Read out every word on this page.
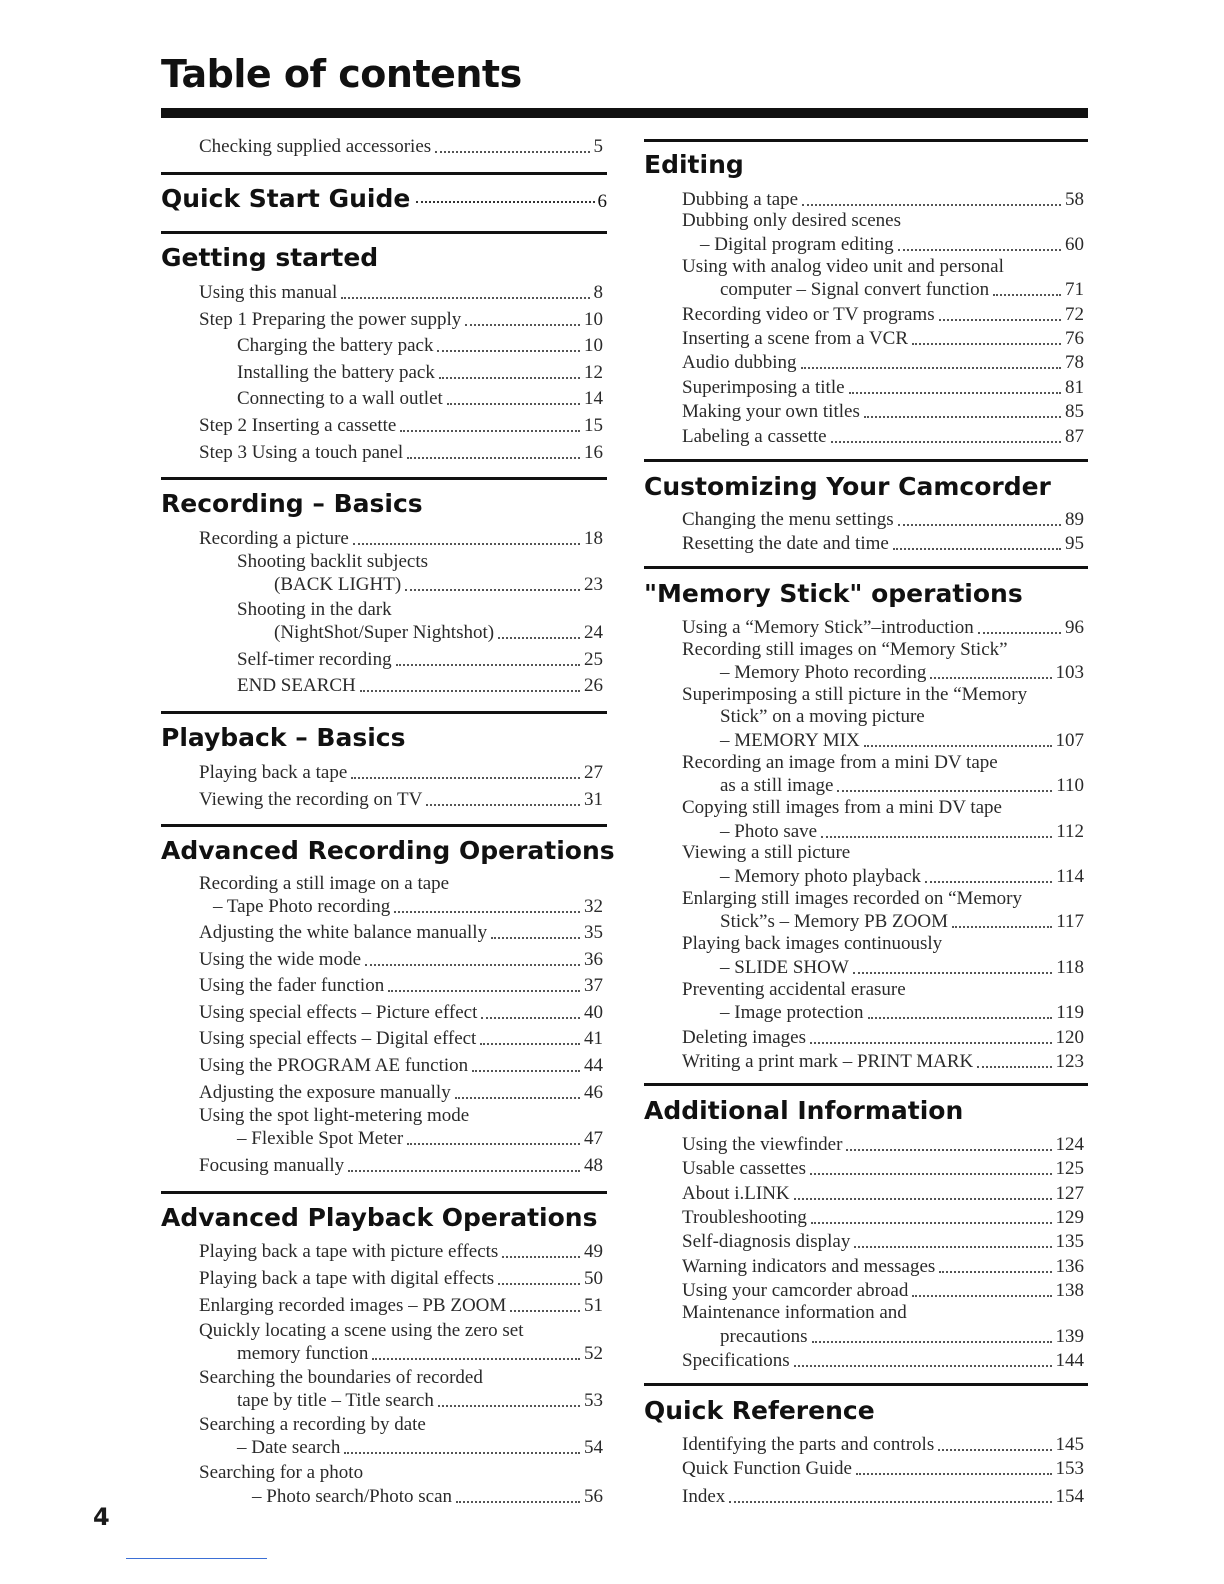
Table of contents
Checking supplied accessories	5
Quick Start Guide	6
Getting started
Using this manual	8
Step 1 Preparing the power supply	10
Charging the battery pack	10
Installing the battery pack	12
Connecting to a wall outlet	14
Step 2 Inserting a cassette	15
Step 3 Using a touch panel	16
Recording – Basics
Recording a picture	18
Shooting backlit subjects
(BACK LIGHT)	23
Shooting in the dark
(NightShot/Super Nightshot)	24
Self-timer recording	25
END SEARCH	26
Playback – Basics
Playing back a tape	27
Viewing the recording on TV	31
Advanced Recording Operations
Recording a still image on a tape
– Tape Photo recording	32
Adjusting the white balance manually	35
Using the wide mode	36
Using the fader function	37
Using special effects – Picture effect	40
Using special effects – Digital effect	41
Using the PROGRAM AE function	44
Adjusting the exposure manually	46
Using the spot light-metering mode
– Flexible Spot Meter	47
Focusing manually	48
Advanced Playback Operations
Playing back a tape with picture effects	49
Playing back a tape with digital effects	50
Enlarging recorded images – PB ZOOM	51
Quickly locating a scene using the zero set
memory function	52
Searching the boundaries of recorded
tape by title – Title search	53
Searching a recording by date
– Date search	54
Searching for a photo
– Photo search/Photo scan	56
Editing
Dubbing a tape	58
Dubbing only desired scenes
– Digital program editing	60
Using with analog video unit and personal
computer – Signal convert function	71
Recording video or TV programs	72
Inserting a scene from a VCR	76
Audio dubbing	78
Superimposing a title	81
Making your own titles	85
Labeling a cassette	87
Customizing Your Camcorder
Changing the menu settings	89
Resetting the date and time	95
"Memory Stick" operations
Using a “Memory Stick”–introduction	96
Recording still images on “Memory Stick”
– Memory Photo recording	103
Superimposing a still picture in the “Memory
Stick” on a moving picture
– MEMORY MIX	107
Recording an image from a mini DV tape
as a still image	110
Copying still images from a mini DV tape
– Photo save	112
Viewing a still picture
– Memory photo playback	114
Enlarging still images recorded on “Memory
Stick”s – Memory PB ZOOM	117
Playing back images continuously
– SLIDE SHOW	118
Preventing accidental erasure
– Image protection	119
Deleting images	120
Writing a print mark – PRINT MARK	123
Additional Information
Using the viewfinder	124
Usable cassettes	125
About i.LINK	127
Troubleshooting	129
Self-diagnosis display	135
Warning indicators and messages	136
Using your camcorder abroad	138
Maintenance information and
precautions	139
Specifications	144
Quick Reference
Identifying the parts and controls	145
Quick Function Guide	153
Index	154
4
